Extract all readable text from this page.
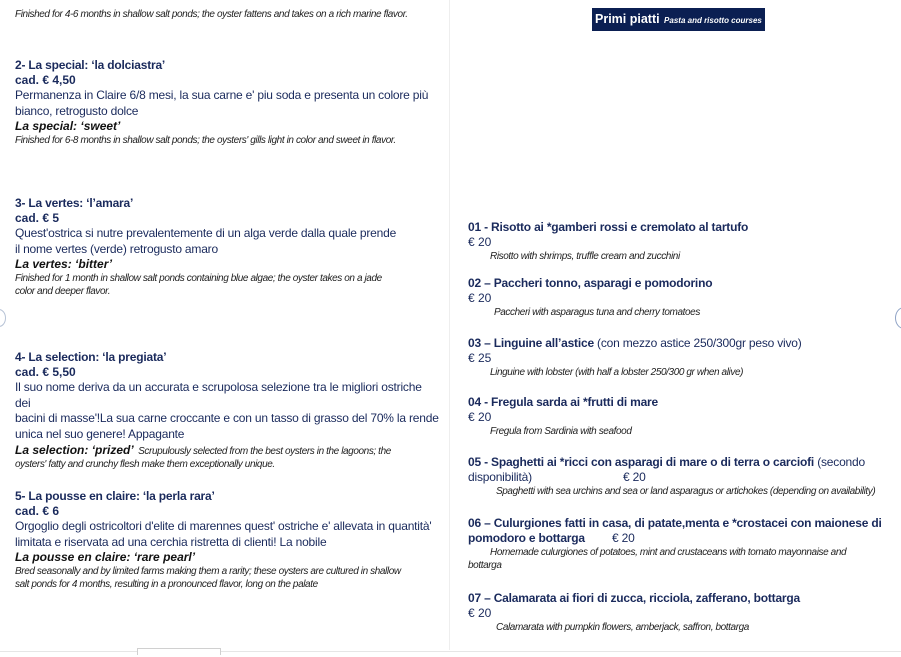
Finished for 4-6 months in shallow salt ponds; the oyster fattens and takes on a rich marine flavor.
2- La special: ‘la dolciastra’
cad. € 4,50
Permanenza in Claire 6/8 mesi, la sua carne e' piu soda e presenta un colore più
bianco, retrogusto dolce
La special: ‘sweet’
Finished for 6-8 months in shallow salt ponds; the oysters' gills light in color and sweet in flavor.
3- La vertes: ‘l’amara’
cad. € 5
Quest'ostrica si nutre prevalentemente di un alga verde dalla quale prende
il nome vertes (verde) retrogusto amaro
La vertes: ‘bitter’
Finished for 1 month in shallow salt ponds containing blue algae; the oyster takes on a jade
color and deeper flavor.
4- La selection: ‘la pregiata’
cad. € 5,50
Il suo nome deriva da un accurata e scrupolosa selezione tra le migliori ostriche dei
bacini di masse'!La sua carne croccante e con un tasso di grasso del 70% la rende
unica nel suo genere! Appagante
La selection: ‘prized’ Scrupulously selected from the best oysters in the lagoons; the
oysters' fatty and crunchy flesh make them exceptionally unique.
5- La pousse en claire: ‘la perla rara’
cad. € 6
Orgoglio degli ostricoltori d'elite di marennes quest' ostriche e' allevata in quantità'
limitata e riservata ad una cerchia ristretta di clienti! La nobile
La pousse en claire: ‘rare pearl’
Bred seasonally and by limited farms making them a rarity; these oysters are cultured in shallow
salt ponds for 4 months, resulting in a pronounced flavor, long on the palate
Primi piatti Pasta and risotto courses
01 - Risotto ai *gamberi rossi e cremolato al tartufo
€ 20
Risotto with shrimps, truffle cream and zucchini
02 – Paccheri tonno, asparagi e pomodorino
€ 20
Paccheri with asparagus tuna and cherry tomatoes
03 – Linguine all’astice (con mezzo astice 250/300gr peso vivo)
€ 25
Linguine with lobster (with half a lobster 250/300 gr when alive)
04 - Fregula sarda ai *frutti di mare
€ 20
Fregula from Sardinia with seafood
05 - Spaghetti ai *ricci con asparagi di mare o di terra o carciofi (secondo
disponibilità)	€ 20
Spaghetti with sea urchins and sea or land asparagus or artichokes (depending on availability)
06 – Culurgiones fatti in casa, di patate,menta e *crostacei con maionese di
pomodoro e bottarga € 20
Homemade culurgiones of potatoes, mint and crustaceans with tomato mayonnaise and
bottarga
07 – Calamarata ai fiori di zucca, ricciola, zafferano, bottarga
€ 20
Calamarata with pumpkin flowers, amberjack, saffron, bottarga
